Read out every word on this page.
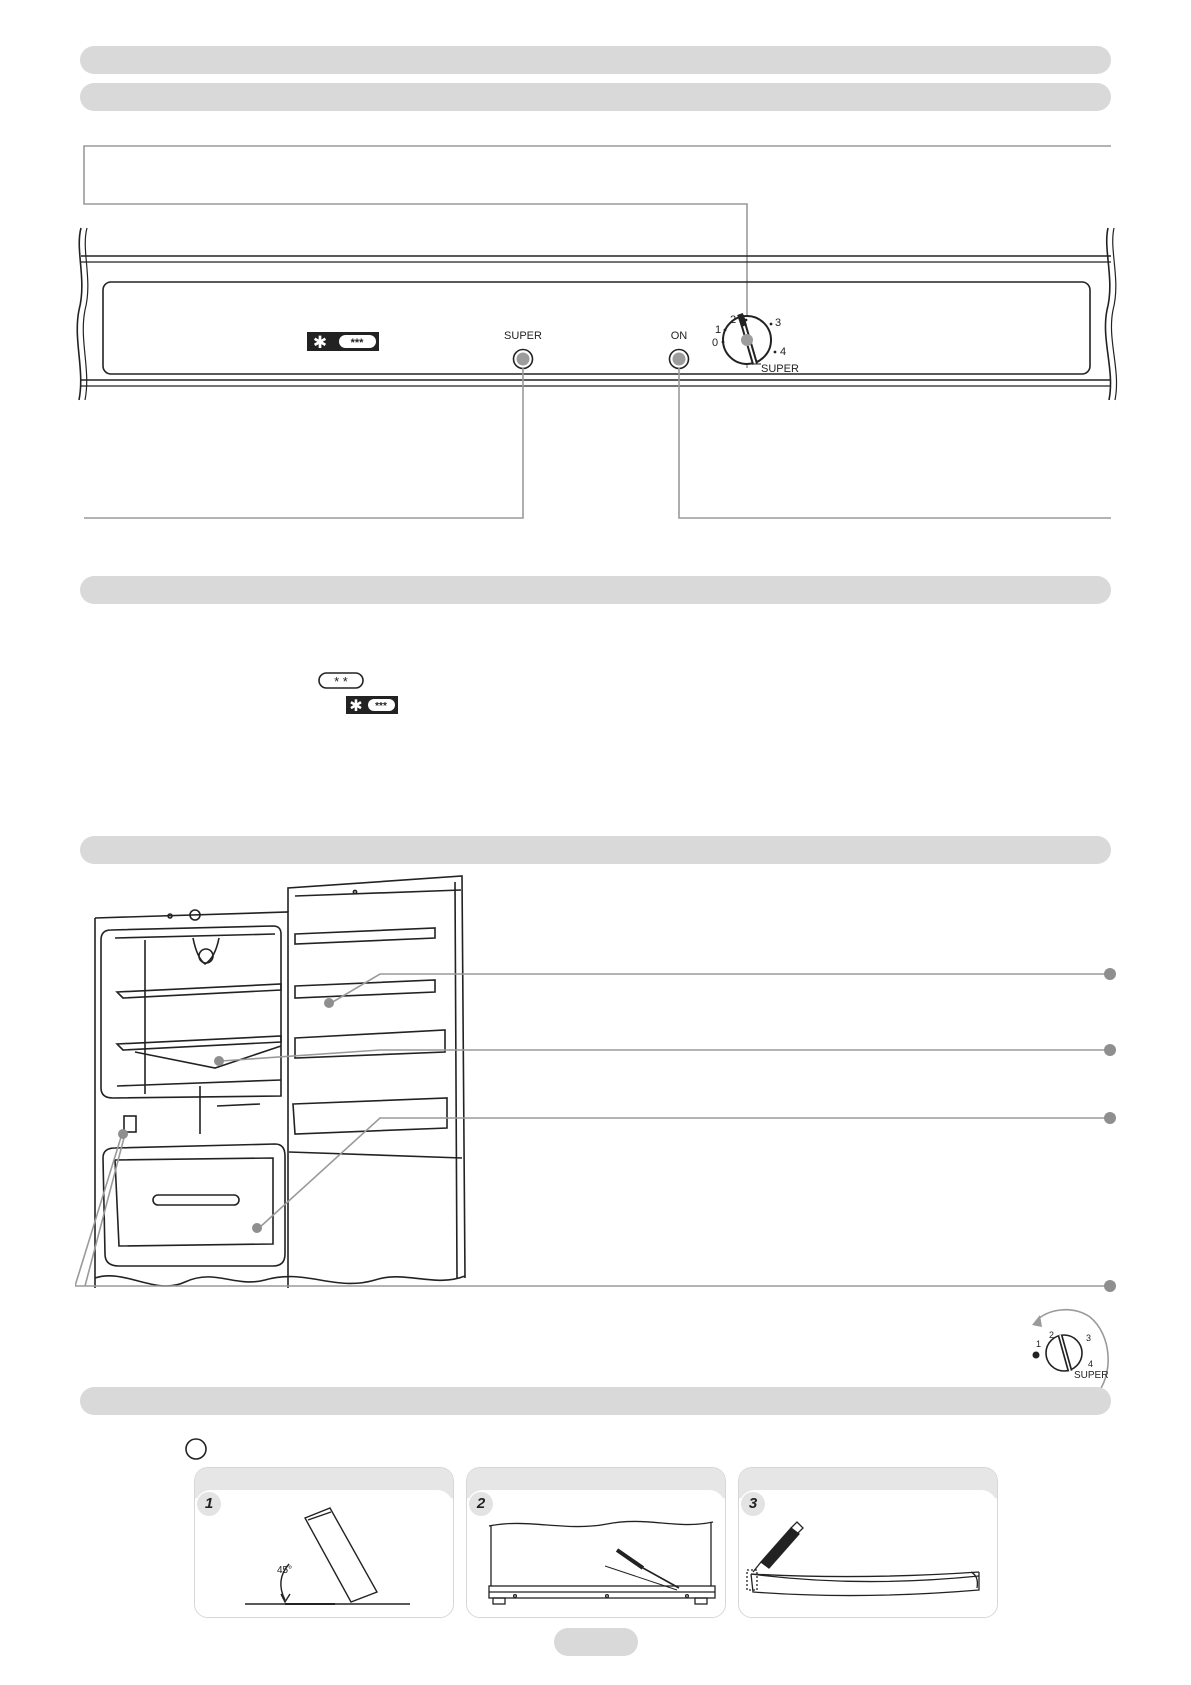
✱ ***
SUPER	ON
0
1
2	3
4
SUPER
* *
✱ ***
1
2	3
4
SUPER
1
45°
2	3
